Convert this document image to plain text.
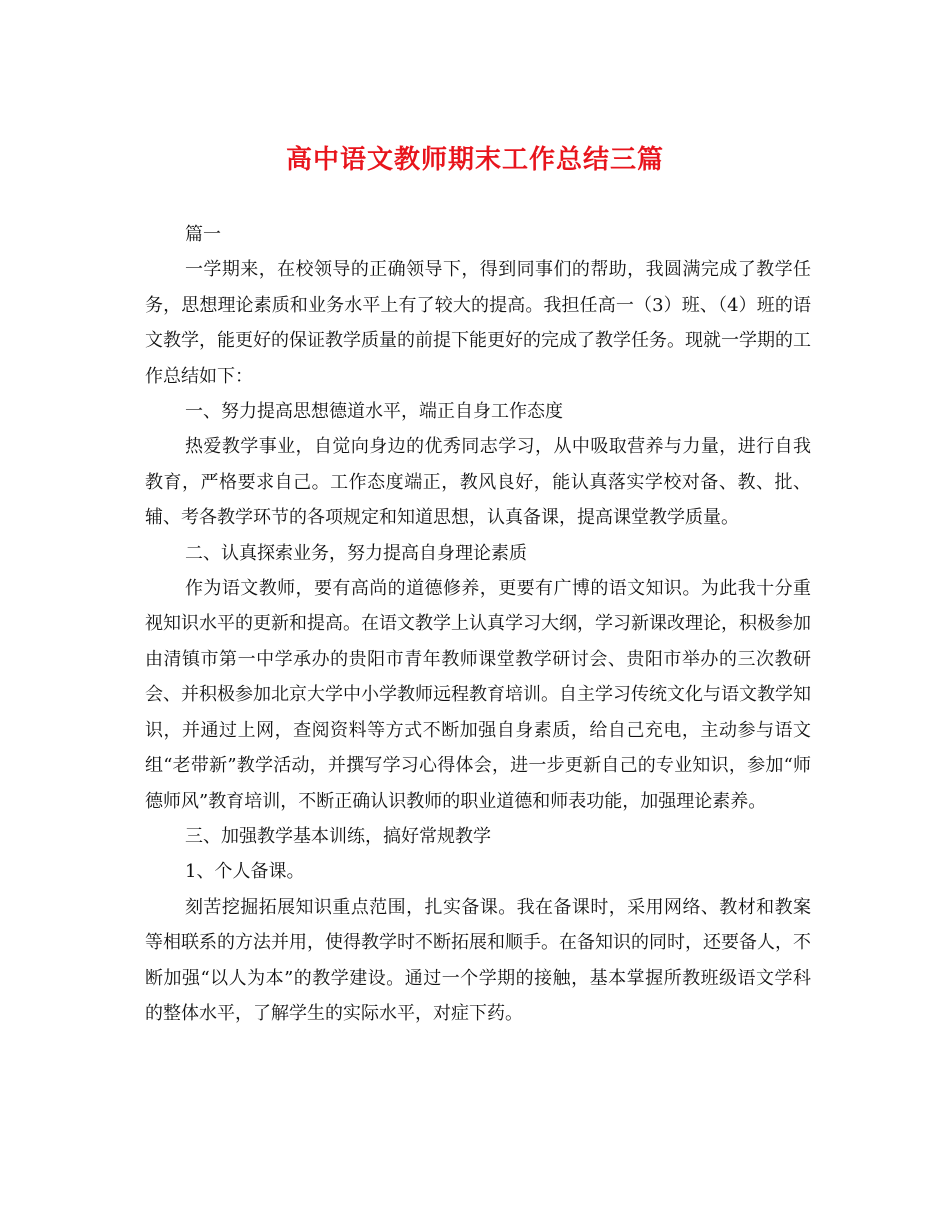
高中语文教师期末工作总结三篇

篇一

一学期来，在校领导的正确领导下，得到同事们的帮助，我圆满完成了教学任务，思想理论素质和业务水平上有了较大的提高。我担任高一（3）班、（4）班的语文教学，能更好的保证教学质量的前提下能更好的完成了教学任务。现就一学期的工作总结如下：

一、努力提高思想德道水平，端正自身工作态度

热爱教学事业，自觉向身边的优秀同志学习，从中吸取营养与力量，进行自我教育，严格要求自己。工作态度端正，教风良好，能认真落实学校对备、教、批、辅、考各教学环节的各项规定和知道思想，认真备课，提高课堂教学质量。

二、认真探索业务，努力提高自身理论素质

作为语文教师，要有高尚的道德修养，更要有广博的语文知识。为此我十分重视知识水平的更新和提高。在语文教学上认真学习大纲，学习新课改理论，积极参加由清镇市第一中学承办的贵阳市青年教师课堂教学研讨会、贵阳市举办的三次教研会、并积极参加北京大学中小学教师远程教育培训。自主学习传统文化与语文教学知识，并通过上网，查阅资料等方式不断加强自身素质，给自己充电，主动参与语文组“老带新”教学活动，并撰写学习心得体会，进一步更新自己的专业知识，参加“师德师风”教育培训，不断正确认识教师的职业道德和师表功能，加强理论素养。

三、加强教学基本训练，搞好常规教学

1、个人备课。

刻苦挖掘拓展知识重点范围，扎实备课。我在备课时，采用网络、教材和教案等相联系的方法并用，使得教学时不断拓展和顺手。在备知识的同时，还要备人，不断加强“以人为本”的教学建设。通过一个学期的接触，基本掌握所教班级语文学科的整体水平，了解学生的实际水平，对症下药。
